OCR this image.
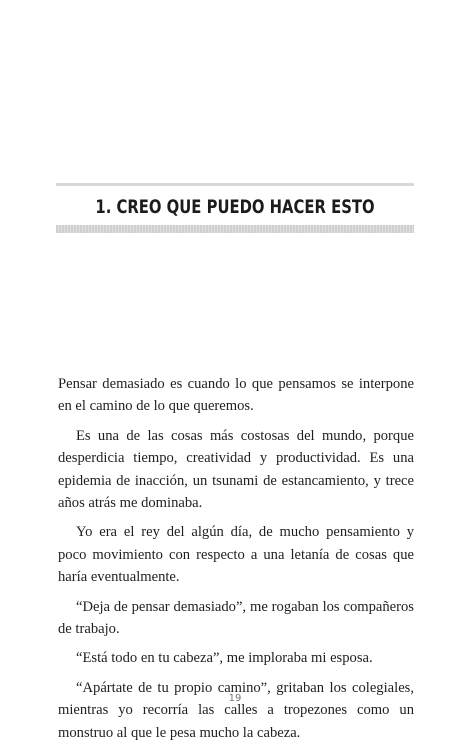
1. CREO QUE PUEDO HACER ESTO

Pensar demasiado es cuando lo que pensamos se interpone en el camino de lo que queremos.

Es una de las cosas más costosas del mundo, porque desperdicia tiempo, creatividad y productividad. Es una epidemia de inacción, un tsunami de estancamiento, y trece años atrás me dominaba.

Yo era el rey del algún día, de mucho pensamiento y poco movimiento con respecto a una letanía de cosas que haría eventualmente.

“Deja de pensar demasiado”, me rogaban los compañeros de trabajo.

“Está todo en tu cabeza”, me imploraba mi esposa.

“Apártate de tu propio camino”, gritaban los colegiales, mientras yo recorría las calles a tropezones como un monstruo al que le pesa mucho la cabeza.

19
